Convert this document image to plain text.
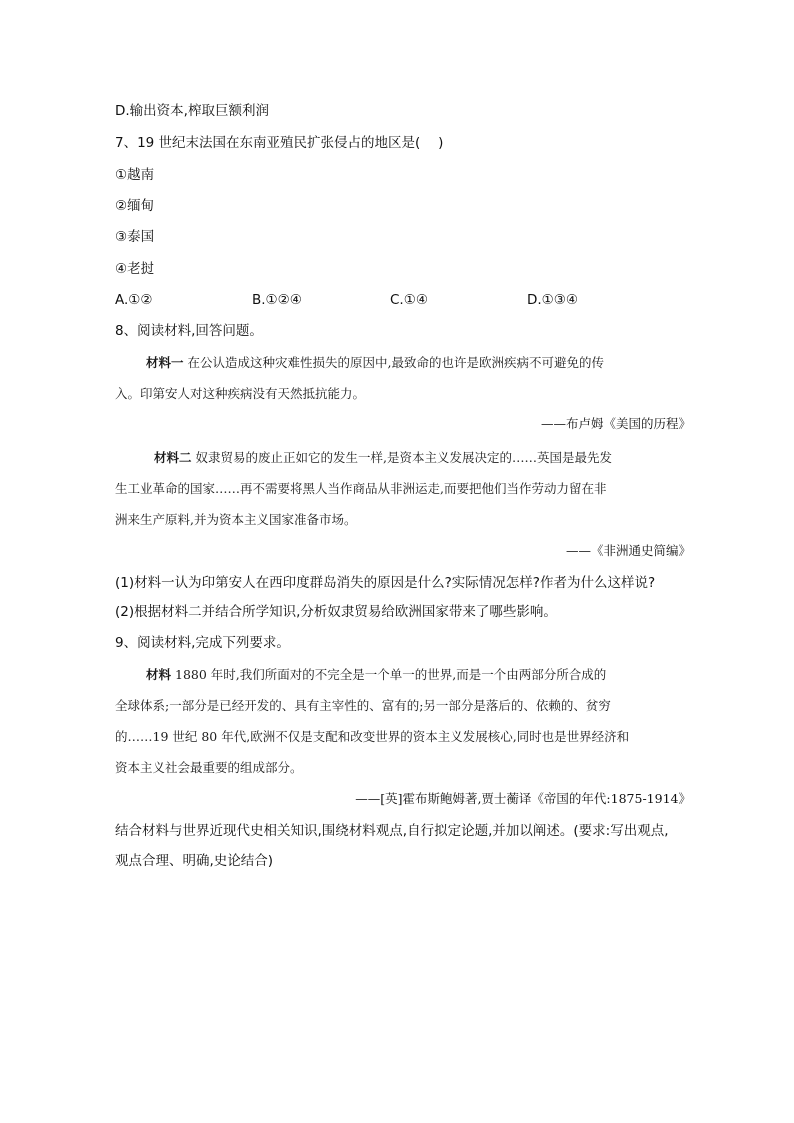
D.输出资本,榨取巨额利润
7、19 世纪末法国在东南亚殖民扩张侵占的地区是(　 )
①越南
②缅甸
③泰国
④老挝
A.①②	B.①②④	C.①④	D.①③④
8、阅读材料,回答问题。
材料一 在公认造成这种灾难性损失的原因中,最致命的也许是欧洲疾病不可避免的传
入。印第安人对这种疾病没有天然抵抗能力。
——布卢姆《美国的历程》
材料二 奴隶贸易的废止正如它的发生一样,是资本主义发展决定的……英国是最先发
生工业革命的国家……再不需要将黑人当作商品从非洲运走,而要把他们当作劳动力留在非
洲来生产原料,并为资本主义国家准备市场。
——《非洲通史简编》
(1)材料一认为印第安人在西印度群岛消失的原因是什么?实际情况怎样?作者为什么这样说?
(2)根据材料二并结合所学知识,分析奴隶贸易给欧洲国家带来了哪些影响。
9、阅读材料,完成下列要求。
材料 1880 年时,我们所面对的不完全是一个单一的世界,而是一个由两部分所合成的
全球体系;一部分是已经开发的、具有主宰性的、富有的;另一部分是落后的、依赖的、贫穷
的……19 世纪 80 年代,欧洲不仅是支配和改变世界的资本主义发展核心,同时也是世界经济和
资本主义社会最重要的组成部分。
——[英]霍布斯鲍姆著,贾士蘅译《帝国的年代:1875-1914》
结合材料与世界近现代史相关知识,围绕材料观点,自行拟定论题,并加以阐述。(要求:写出观点,
观点合理、明确,史论结合)
